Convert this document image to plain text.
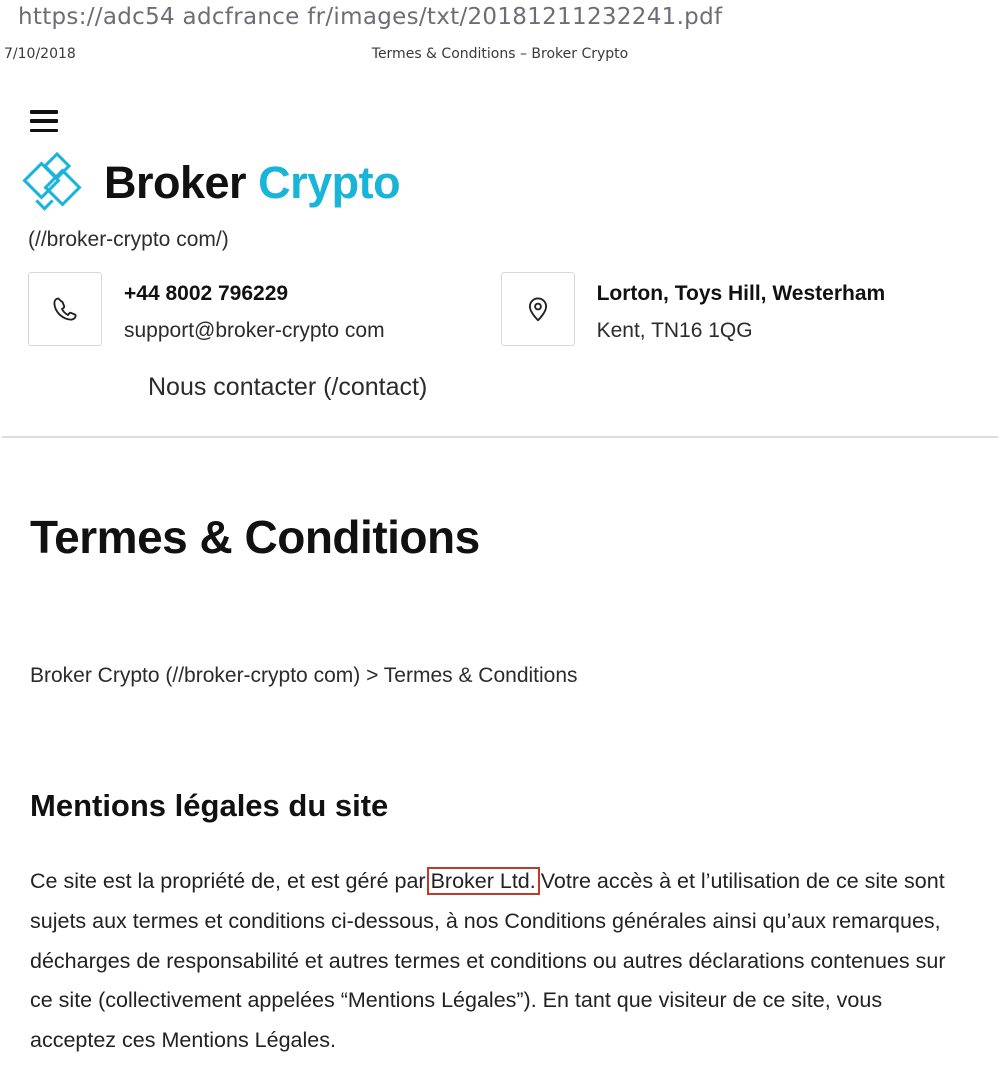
https://adc54 adcfrance fr/images/txt/20181211232241.pdf
7/10/2018	Termes & Conditions – Broker Crypto
Broker Crypto
(//broker-crypto com/)
+44 8002 796229
support@broker-crypto com
Lorton, Toys Hill, Westerham
Kent, TN16 1QG
Nous contacter (/contact)
Termes & Conditions
Broker Crypto (//broker-crypto com) > Termes & Conditions
Mentions légales du site

Ce site est la propriété de, et est géré par Broker Ltd. Votre accès à et l’utilisation de ce site sont sujets aux termes et conditions ci-dessous, à nos Conditions générales ainsi qu’aux remarques, décharges de responsabilité et autres termes et conditions ou autres déclarations contenues sur ce site (collectivement appelées “Mentions Légales”). En tant que visiteur de ce site, vous acceptez ces Mentions Légales.
